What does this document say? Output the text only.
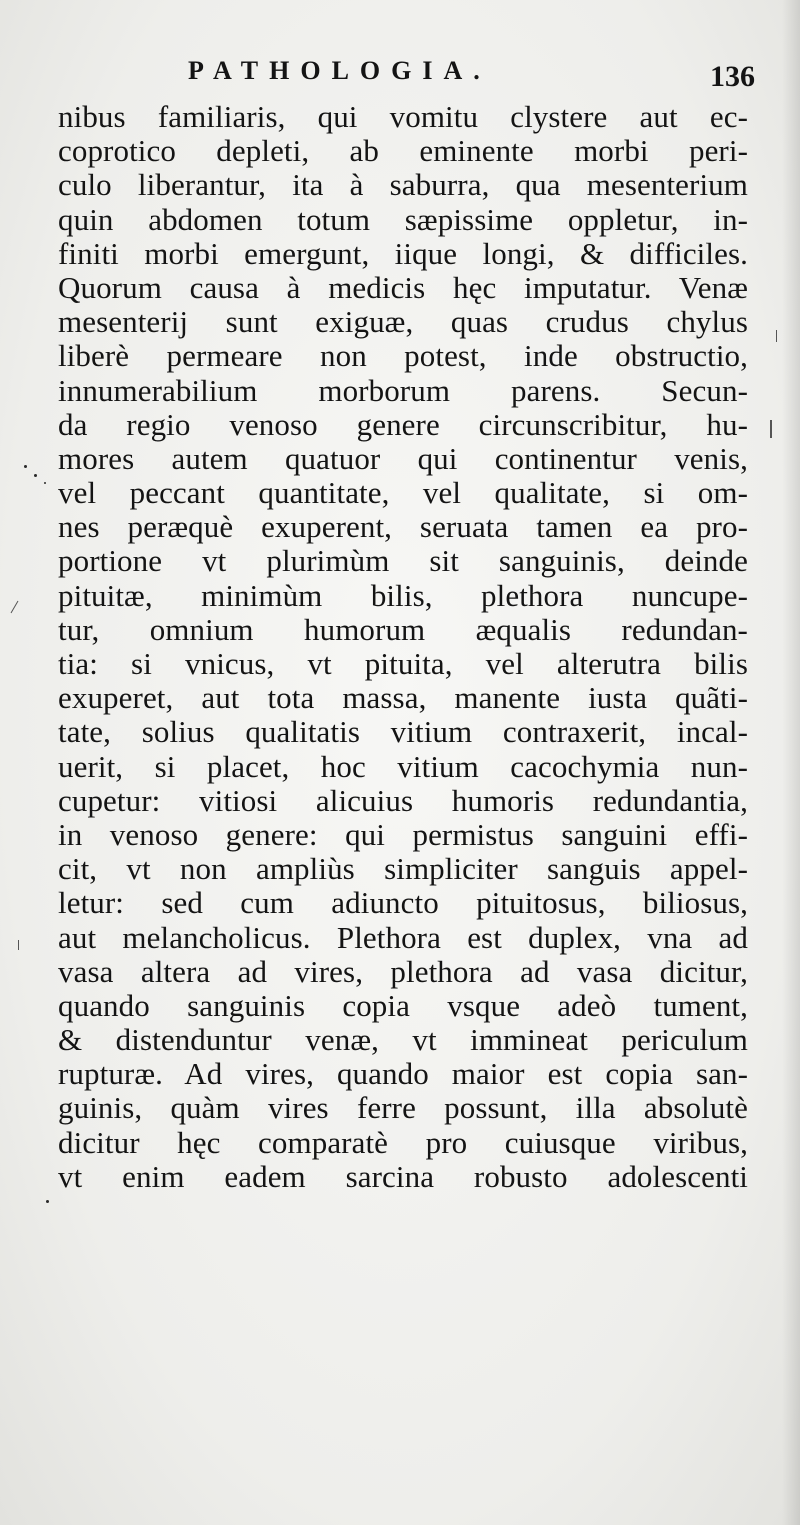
PATHOLOGIA.	136
nibus familiaris, qui vomitu clystere aut ec-
coprotico depleti, ab eminente morbi peri-
culo liberantur, ita à saburra, qua mesenterium
quin abdomen totum sæpissime oppletur, in-
finiti morbi emergunt, iique longi, & difficiles.
Quorum causa à medicis hęc imputatur. Venæ
mesenterij sunt exiguæ, quas crudus chylus
liberè permeare non potest, inde obstructio,
innumerabilium morborum parens. Secun-
da regio venoso genere circunscribitur, hu-
mores autem quatuor qui continentur venis,
vel peccant quantitate, vel qualitate, si om-
nes peræquè exuperent, seruata tamen ea pro-
portione vt plurimùm sit sanguinis, deinde
pituitæ, minimùm bilis, plethora nuncupe-
tur, omnium humorum æqualis redundan-
tia: si vnicus, vt pituita, vel alterutra bilis
exuperet, aut tota massa, manente iusta quãti-
tate, solius qualitatis vitium contraxerit, incal-
uerit, si placet, hoc vitium cacochymia nun-
cupetur: vitiosi alicuius humoris redundantia,
in venoso genere: qui permistus sanguini effi-
cit, vt non ampliùs simpliciter sanguis appel-
letur: sed cum adiuncto pituitosus, biliosus,
aut melancholicus. Plethora est duplex, vna ad
vasa altera ad vires, plethora ad vasa dicitur,
quando sanguinis copia vsque adeò tument,
& distenduntur venæ, vt immineat periculum
rupturæ. Ad vires, quando maior est copia san-
guinis, quàm vires ferre possunt, illa absolutè
dicitur hęc comparatè pro cuiusque viribus,
vt enim eadem sarcina robusto adolescenti
